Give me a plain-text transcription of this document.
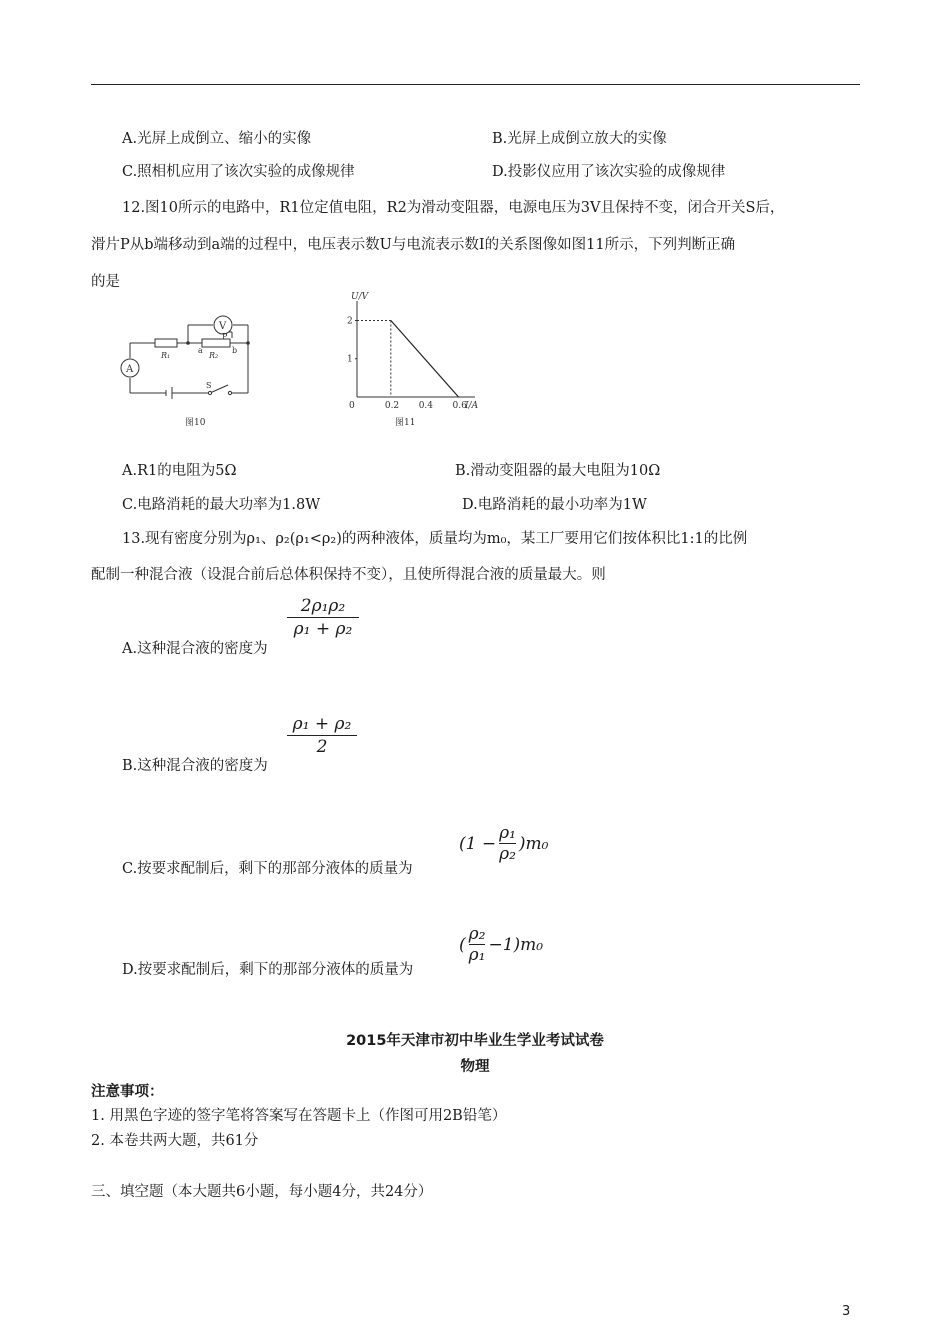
A.光屏上成倒立、缩小的实像	B.光屏上成倒立放大的实像
C.照相机应用了该次实验的成像规律	D.投影仪应用了该次实验的成像规律
12.图10所示的电路中，R1位定值电阻，R2为滑动变阻器，电源电压为3V且保持不变，闭合开关S后，
滑片P从b端移动到a端的过程中，电压表示数U与电流表示数I的关系图像如图11所示，下列判断正确
的是
V
A
R₁	R₂
a	b
P
S
图10
0	0.2 0.4 0.6
1
2
U/V
I/A
图11
A.R1的电阻为5Ω	B.滑动变阻器的最大电阻为10Ω
C.电路消耗的最大功率为1.8W	D.电路消耗的最小功率为1W
13.现有密度分别为ρ₁、ρ₂(ρ₁<ρ₂)的两种液体，质量均为m₀，某工厂要用它们按体积比1:1的比例
配制一种混合液（设混合前后总体积保持不变），且使所得混合液的质量最大。则
A.这种混合液的密度为
2ρ₁ρ₂
ρ₁ + ρ₂
B.这种混合液的密度为
ρ₁ + ρ₂
2
C.按要求配制后，剩下的那部分液体的质量为
$(1 - \frac{\text{ρ₁}}{\text{ρ₂}} )m_0$
D.按要求配制后，剩下的那部分液体的质量为
( $\frac{\text{ρ₂}}{\text{ρ₁}} -1)m_0$
2015年天津市初中毕业生学业考试试卷
物理
注意事项：
1. 用黑色字迹的签字笔将答案写在答题卡上（作图可用2B铅笔）
2. 本卷共两大题，共61分
三、填空题（本大题共6小题，每小题4分，共24分）
3
